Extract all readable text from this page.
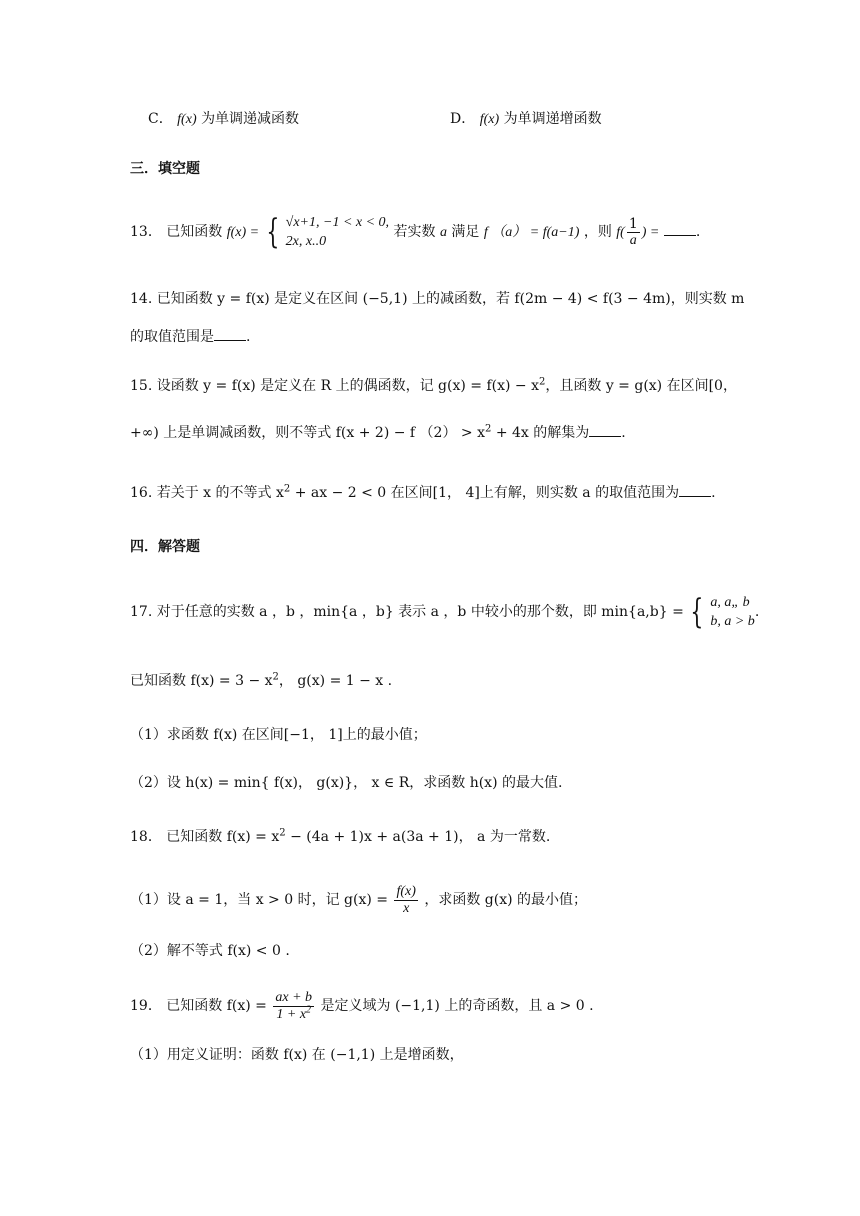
C． f(x) 为单调递减函数	D． f(x) 为单调递增函数
三．填空题
13． 已知函数 f(x) = { √x+1, −1 < x < 0,
2x, x..0
若实数 a 满足 f （a） = f(a−1) ，则 $f( \frac{1}{a}$ ) =	.
14. 已知函数 y = f(x) 是定义在区间 (−5,1) 上的减函数，若 f(2m − 4) < f(3 − 4m)，则实数 m
的取值范围是 .
15. 设函数 y = f(x) 是定义在 R 上的偶函数，记 $g(x) = f(x) - x^2$，且函数 y = g(x) 在区间[0，
+∞) 上是单调减函数，则不等式 f(x + 2) − f $(2) > x^2 + 4x$ 的解集为 .
16. 若关于 x 的不等式 $x^2$ + ax − 2 < 0 在区间[1， 4]上有解，则实数 a 的取值范围为 .
四．解答题
17. 对于任意的实数 a ，b ，min{a ，b} 表示 a ，b 中较小的那个数，即 min{a,b} = { a, a„ b
b, a > b
.
已知函数 $f(x) = 3 - x^2$， g(x) = 1 − x .
（1）求函数 f(x) 在区间[−1， 1]上的最小值；
（2）设 h(x) = min{ f(x)， g(x)}， x ∈ R，求函数 h(x) 的最大值.
18． 已知函数 $f(x) = x^2 - (4a + 1)x + a(3a + 1)$， a 为一常数.
（1）设 a = 1，当 x > 0 时，记 $g(x) = \frac{f(x)}{x}$ ，求函数 g(x) 的最小值；
（2）解不等式 f(x) < 0 .
19． 已知函数 $f(x) = \frac{ax + b}{1 + x^2}$ 是定义域为 (−1,1) 上的奇函数，且 a > 0 .
（1）用定义证明：函数 f(x) 在 (−1,1) 上是增函数，
